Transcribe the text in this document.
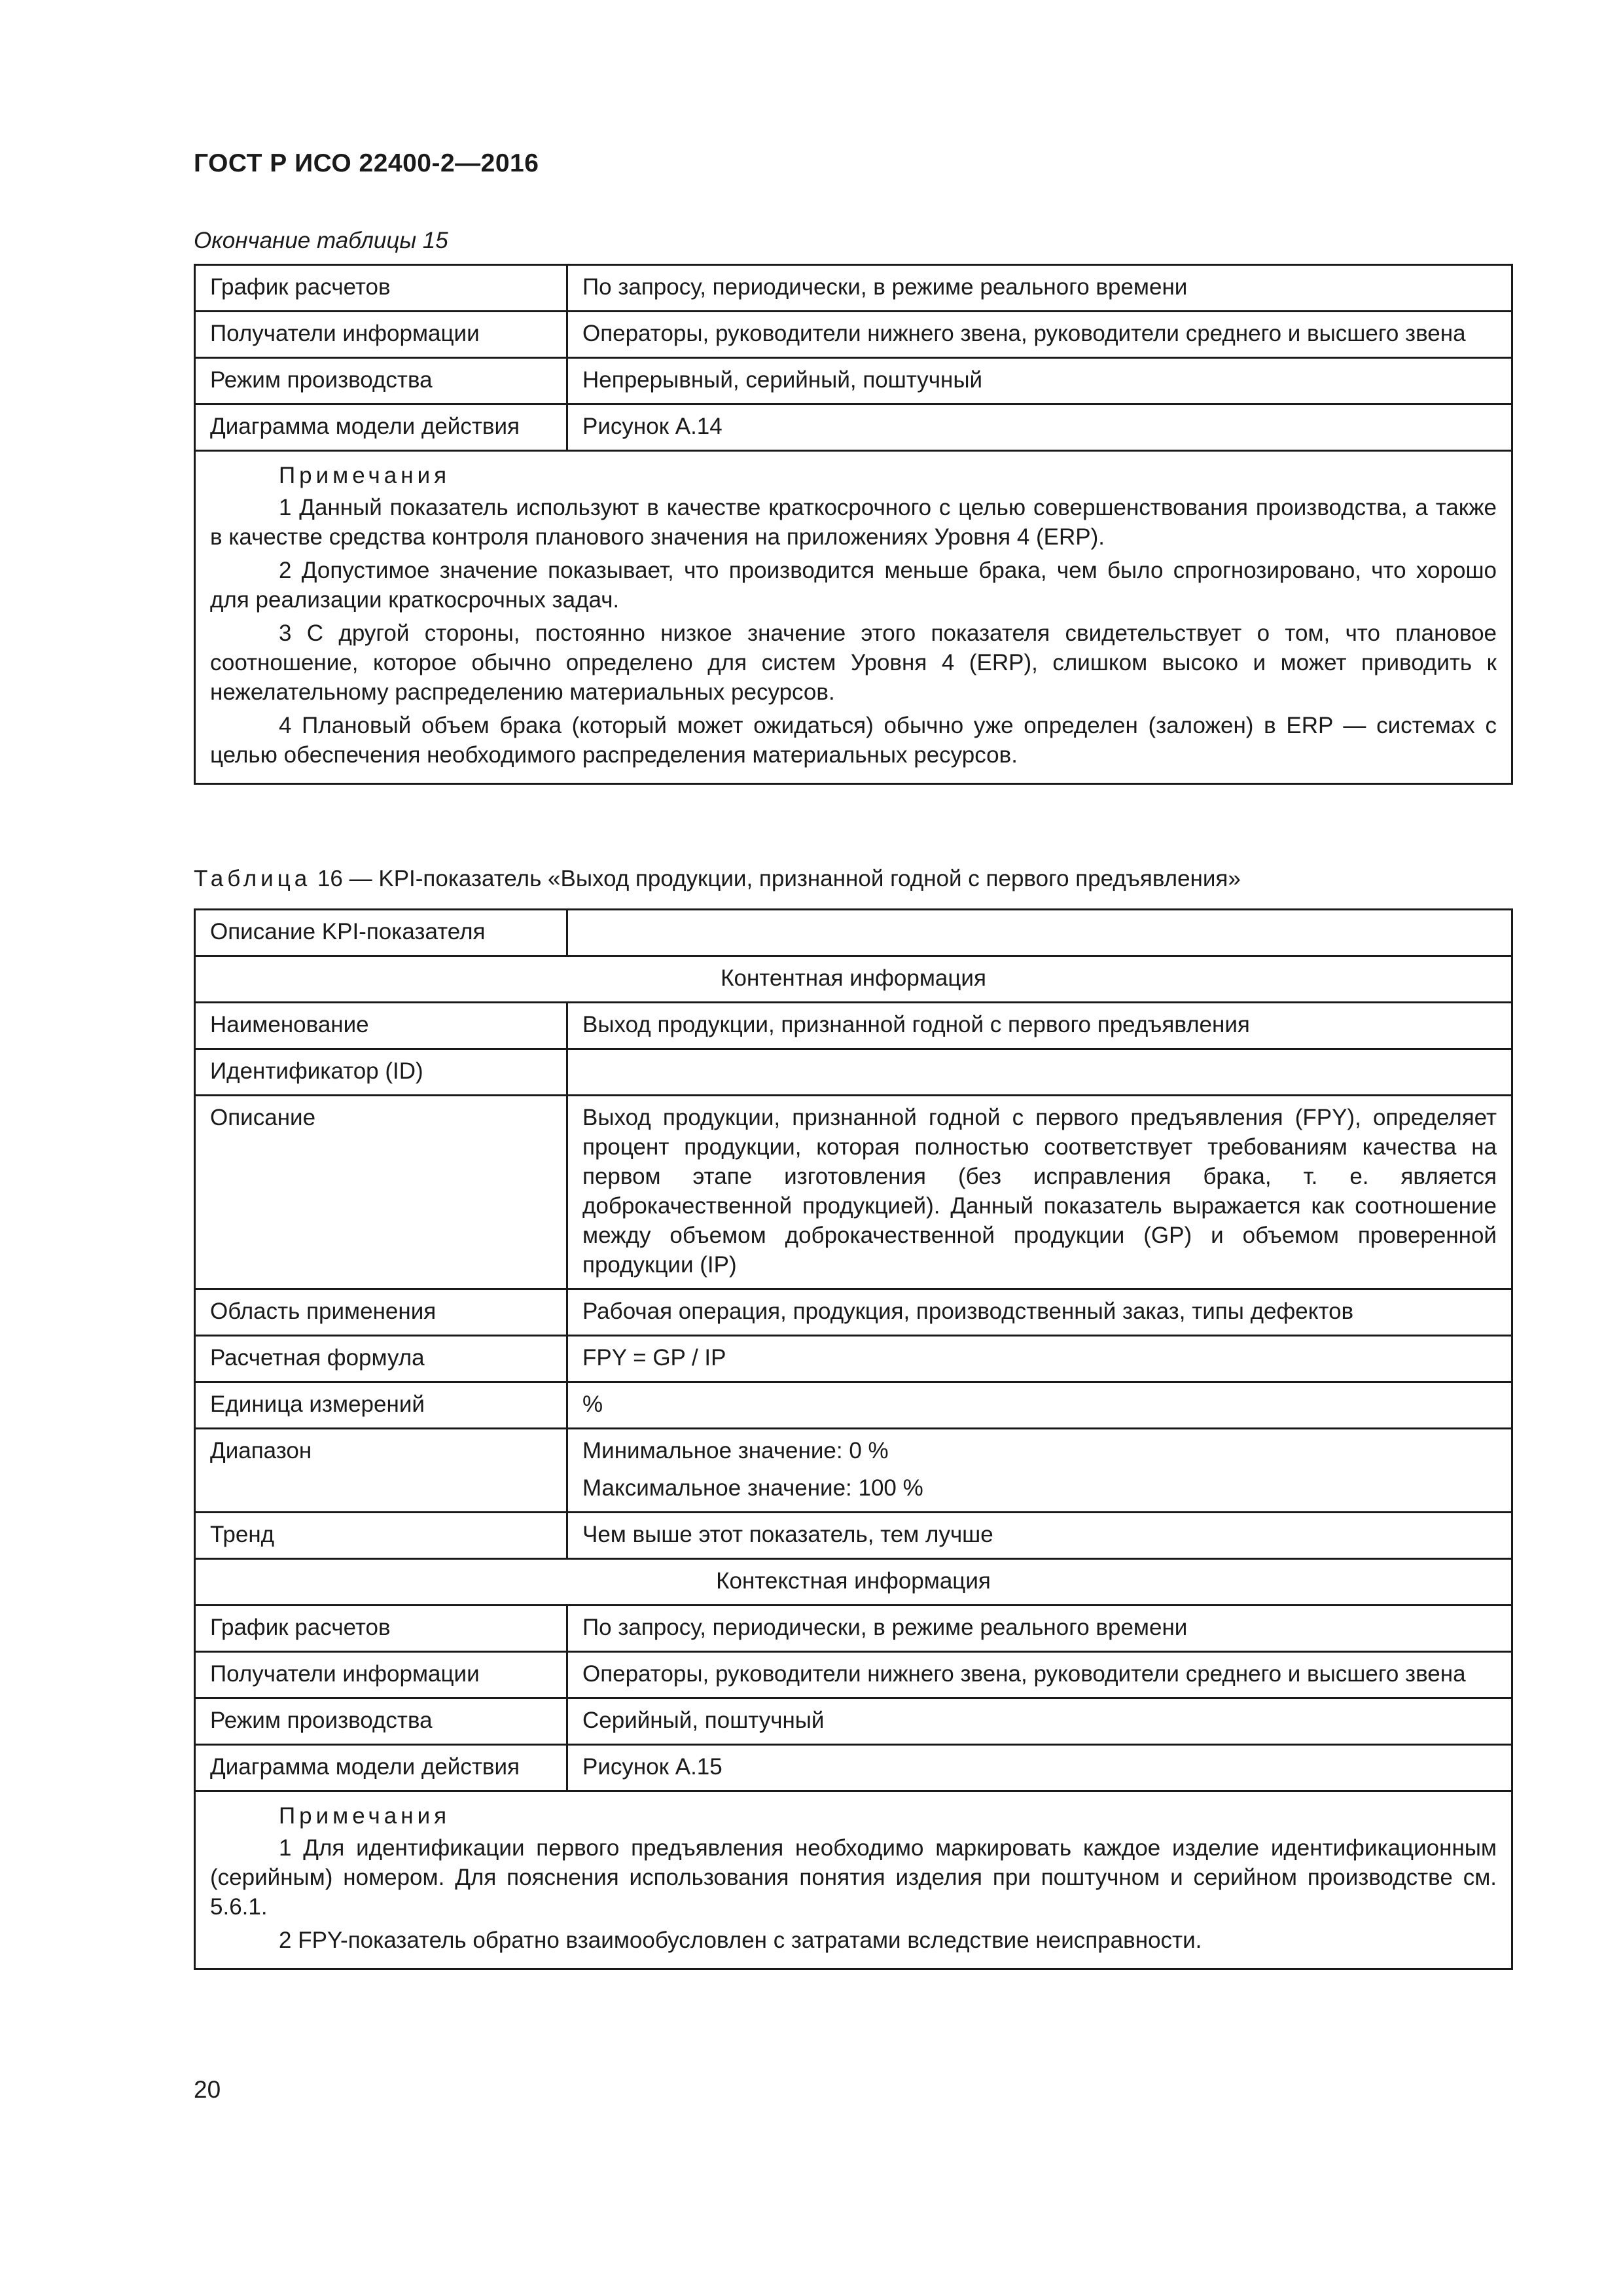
ГОСТ Р ИСО 22400-2—2016

Окончание таблицы 15

График расчетов	По запросу, периодически, в режиме реального времени
Получатели информации	Операторы, руководители нижнего звена, руководители среднего и высшего звена
Режим производства	Непрерывный, серийный, поштучный
Диаграмма модели действия	Рисунок А.14

Примечания

1 Данный показатель используют в качестве краткосрочного с целью совершенствования производства, а также в качестве средства контроля планового значения на приложениях Уровня 4 (ERP).

2 Допустимое значение показывает, что производится меньше брака, чем было спрогнозировано, что хорошо для реализации краткосрочных задач.

3 С другой стороны, постоянно низкое значение этого показателя свидетельствует о том, что плановое соотношение, которое обычно определено для систем Уровня 4 (ERP), слишком высоко и может приводить к нежелательному распределению материальных ресурсов.

4 Плановый объем брака (который может ожидаться) обычно уже определен (заложен) в ERP — системах с целью обеспечения необходимого распределения материальных ресурсов.	

Таблица 16 — KPI-показатель «Выход продукции, признанной годной с первого предъявления»

Описание KPI-показателя	
Контентная информация	
Наименование	Выход продукции, признанной годной с первого предъявления
Идентификатор (ID)	
Описание	Выход продукции, признанной годной с первого предъявления (FPY), определяет процент продукции, которая полностью соответствует требованиям качества на первом этапе изготовления (без исправления брака, т. е. является доброкачественной продукцией). Данный показатель выражается как соотношение между объемом доброкачественной продукции (GP) и объемом проверенной продукции (IP)
Область применения	Рабочая операция, продукция, производственный заказ, типы дефектов
Расчетная формула	FPY = GP / IP
Единица измерений	%
Диапазон	Минимальное значение: 0 %
Максимальное значение: 100 %

Тренд	Чем выше этот показатель, тем лучше
Контекстная информация	
График расчетов	По запросу, периодически, в режиме реального времени
Получатели информации	Операторы, руководители нижнего звена, руководители среднего и высшего звена
Режим производства	Серийный, поштучный
Диаграмма модели действия	Рисунок А.15

Примечания

1 Для идентификации первого предъявления необходимо маркировать каждое изделие идентификационным (серийным) номером. Для пояснения использования понятия изделия при поштучном и серийном производстве см. 5.6.1.

2 FPY-показатель обратно взаимообусловлен с затратами вследствие неисправности.	

20
